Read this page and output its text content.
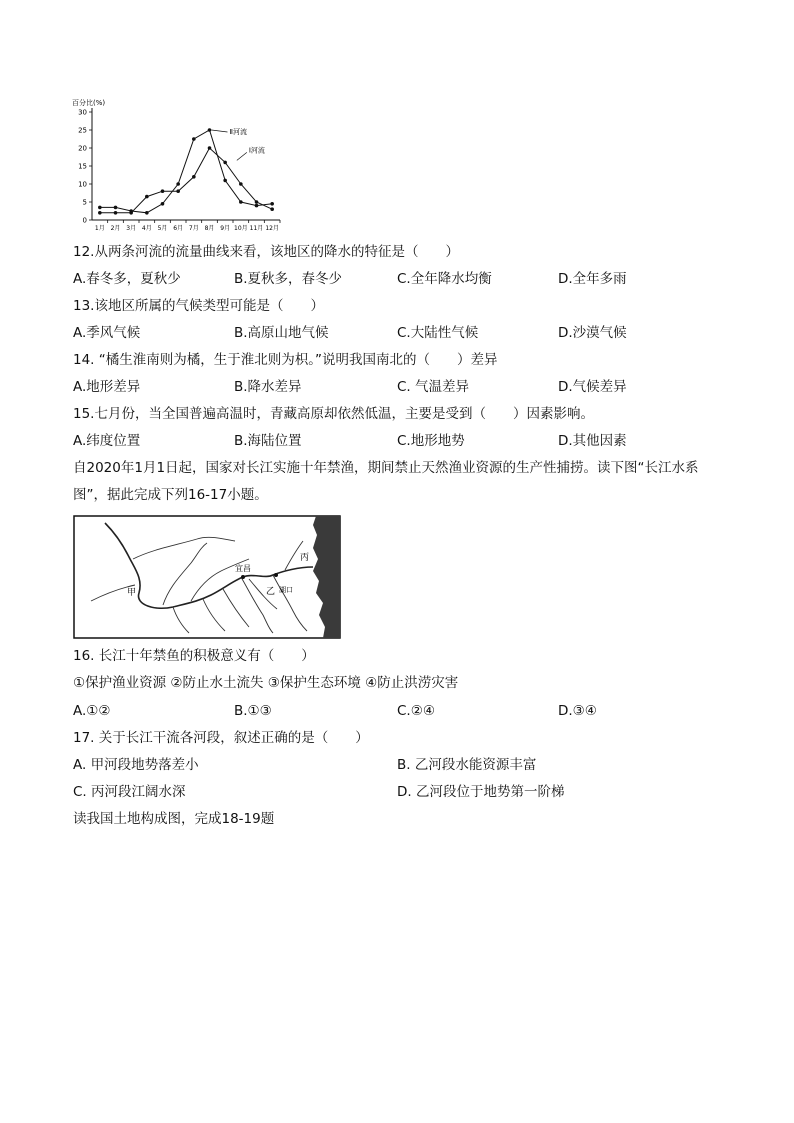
百分比(%)
0
5
10
15
20
25
30
1月 2月 3月 4月 5月 6月 7月 8月 9月 10月 11月 12月
Ⅱ河流
Ⅰ河流
12.从两条河流的流量曲线来看，该地区的降水的特征是（　　）
A.春冬多，夏秋少	B.夏秋多，春冬少	C.全年降水均衡	D.全年多雨
13.该地区所属的气候类型可能是（　　）
A.季风气候	B.高原山地气候	C.大陆性气候	D.沙漠气候
14. “橘生淮南则为橘，生于淮北则为枳。”说明我国南北的（　　）差异
A.地形差异	B.降水差异	C. 气温差异	D.气候差异
15.七月份，当全国普遍高温时，青藏高原却依然低温，主要是受到（　　）因素影响。
A.纬度位置	B.海陆位置	C.地形地势	D.其他因素
自2020年1月1日起，国家对长江实施十年禁渔，期间禁止天然渔业资源的生产性捕捞。读下图“长江水系
图”，据此完成下列16-17小题。
甲	乙
丙
宜昌
湖口
16. 长江十年禁鱼的积极意义有（　　）
①保护渔业资源 ②防止水土流失 ③保护生态环境 ④防止洪涝灾害
A.①②	B.①③	C.②④	D.③④
17. 关于长江干流各河段，叙述正确的是（　　）
A. 甲河段地势落差小	B. 乙河段水能资源丰富
C. 丙河段江阔水深	D. 乙河段位于地势第一阶梯
读我国土地构成图，完成18-19题
